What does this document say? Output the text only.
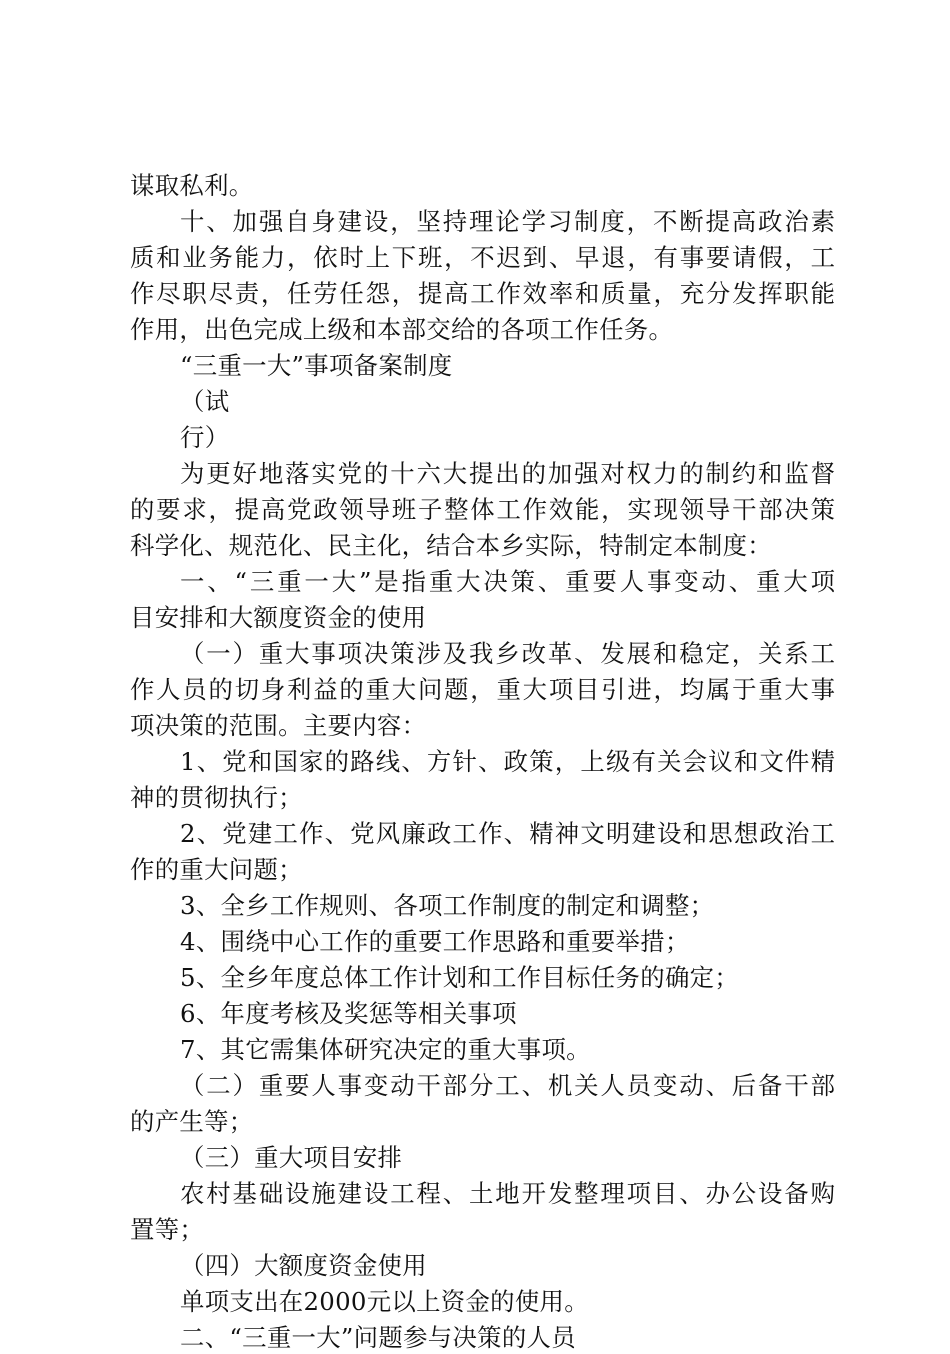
谋取私利。
十、加强自身建设，坚持理论学习制度，不断提高政治素
质和业务能力，依时上下班，不迟到、早退，有事要请假，工
作尽职尽责，任劳任怨，提高工作效率和质量，充分发挥职能
作用，出色完成上级和本部交给的各项工作任务。
“三重一大”事项备案制度
（试
行）
为更好地落实党的十六大提出的加强对权力的制约和监督
的要求，提高党政领导班子整体工作效能，实现领导干部决策
科学化、规范化、民主化，结合本乡实际，特制定本制度：
一、“三重一大”是指重大决策、重要人事变动、重大项
目安排和大额度资金的使用
（一）重大事项决策涉及我乡改革、发展和稳定，关系工
作人员的切身利益的重大问题，重大项目引进，均属于重大事
项决策的范围。主要内容：
1、党和国家的路线、方针、政策，上级有关会议和文件精
神的贯彻执行；
2、党建工作、党风廉政工作、精神文明建设和思想政治工
作的重大问题；
3、全乡工作规则、各项工作制度的制定和调整；
4、围绕中心工作的重要工作思路和重要举措；
5、全乡年度总体工作计划和工作目标任务的确定；
6、年度考核及奖惩等相关事项
7、其它需集体研究决定的重大事项。
（二）重要人事变动干部分工、机关人员变动、后备干部
的产生等；
（三）重大项目安排
农村基础设施建设工程、土地开发整理项目、办公设备购
置等；
（四）大额度资金使用
单项支出在2000元以上资金的使用。
二、“三重一大”问题参与决策的人员
